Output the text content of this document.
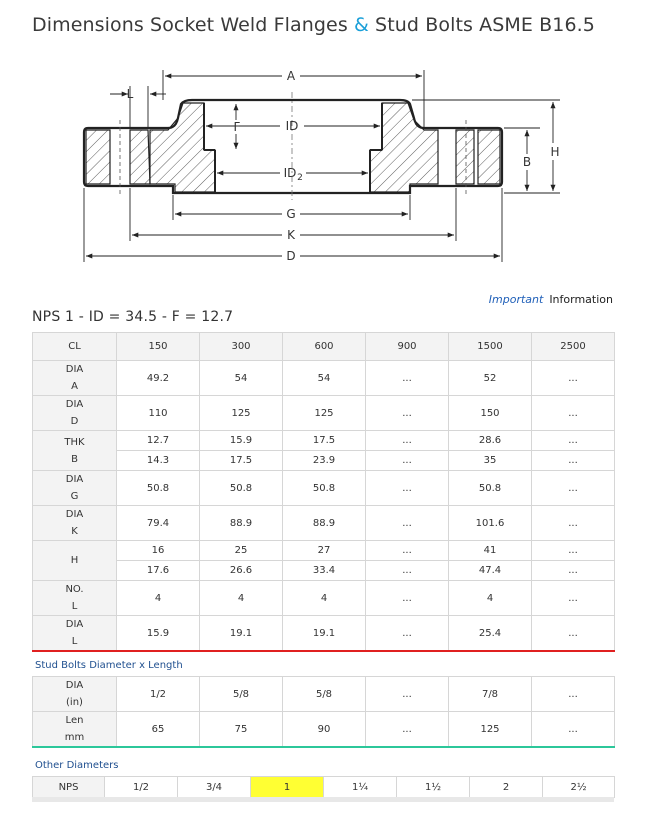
Dimensions Socket Weld Flanges & Stud Bolts ASME B16.5
A
L
ID
F
ID 2
G
K
D
B
H
Important Information
NPS 1 - ID = 34.5 - F = 12.7
CL	150	300	600	900	1500	2500
DIA
A	49.2	54	54	...	52	...
DIA
D	110	125	125	...	150	...
THK
B	12.7	15.9	17.5	...	28.6	...
	14.3	17.5	23.9	...	35	...
DIA
G	50.8	50.8	50.8	...	50.8	...
DIA
K	79.4	88.9	88.9	...	101.6	...
H	16	25	27	...	41	...
	17.6	26.6	33.4	...	47.4	...
NO.
L	4	4	4	...	4	...
DIA
L	15.9	19.1	19.1	...	25.4	...
Stud Bolts Diameter x Length
DIA
(in)	1/2	5/8	5/8	...	7/8	...
Len
mm	65	75	90	...	125	...
Other Diameters
NPS	1/2	3/4	1	1¼	1½	2	2½
